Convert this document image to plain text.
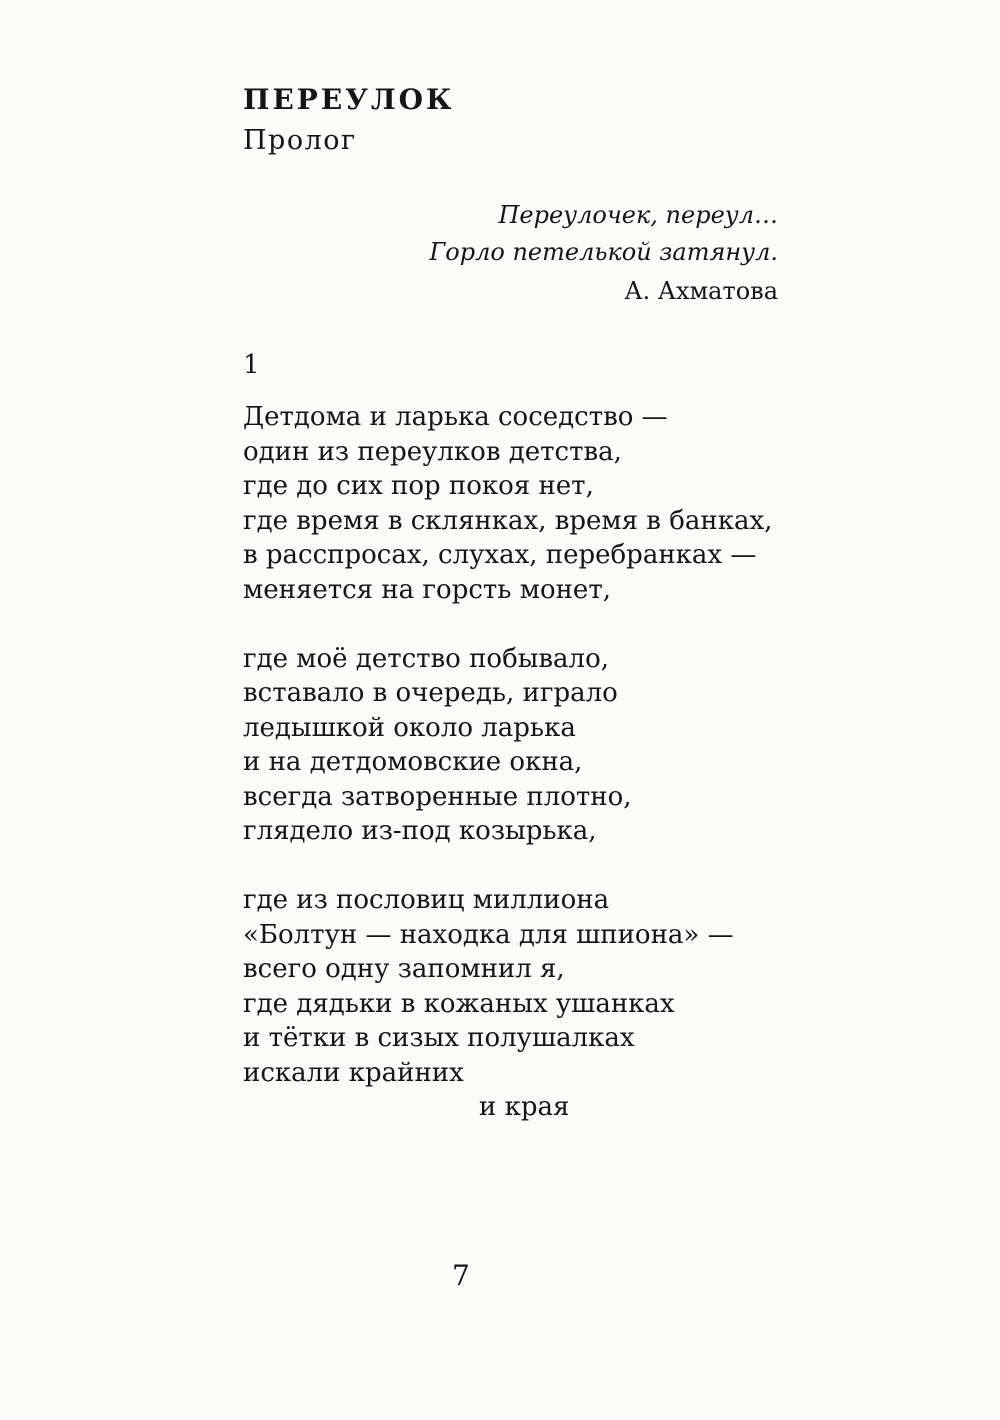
ПЕРЕУЛОК
Пролог
Переулочек, переул…
Горло петелькой затянул.
А. Ахматова
1
Детдома и ларька соседство —
один из переулков детства,
где до сих пор покоя нет,
где время в склянках, время в банках,
в расспросах, слухах, перебранках —
меняется на горсть монет,
где моё детство побывало,
вставало в очередь, играло
ледышкой около ларька
и на детдомовские окна,
всегда затворенные плотно,
глядело из-под козырька,
где из пословиц миллиона
«Болтун — находка для шпиона» —
всего одну запомнил я,
где дядьки в кожаных ушанках
и тётки в сизых полушалках
искали крайних
и края
7
